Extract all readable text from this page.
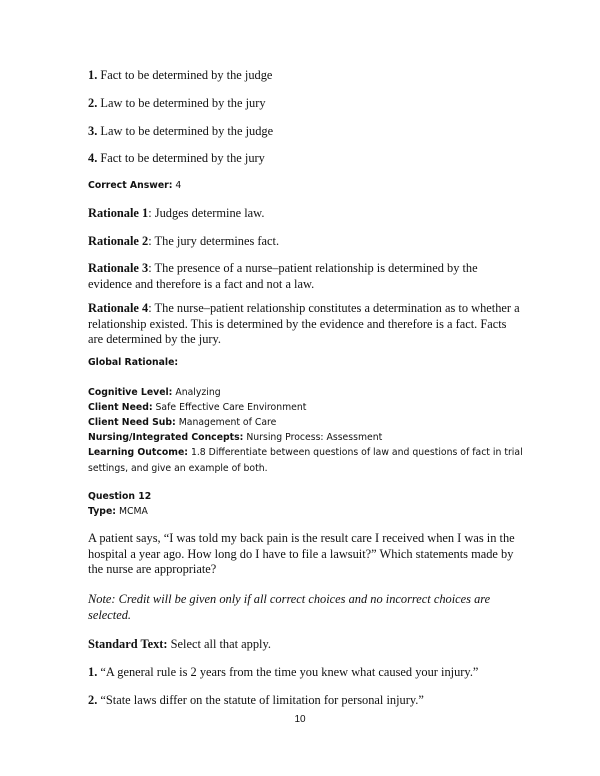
1. Fact to be determined by the judge

2. Law to be determined by the jury

3. Law to be determined by the judge

4. Fact to be determined by the jury

Correct Answer: 4

Rationale 1: Judges determine law.

Rationale 2: The jury determines fact.

Rationale 3: The presence of a nurse–patient relationship is determined by the evidence and therefore is a fact and not a law.

Rationale 4: The nurse–patient relationship constitutes a determination as to whether a relationship existed. This is determined by the evidence and therefore is a fact. Facts are determined by the jury.

Global Rationale:

Cognitive Level: Analyzing

Client Need: Safe Effective Care Environment

Client Need Sub: Management of Care

Nursing/Integrated Concepts: Nursing Process: Assessment

Learning Outcome: 1.8 Differentiate between questions of law and questions of fact in trial settings, and give an example of both.

Question 12

Type: MCMA

A patient says, “I was told my back pain is the result care I received when I was in the hospital a year ago. How long do I have to file a lawsuit?” Which statements made by the nurse are appropriate?

Note: Credit will be given only if all correct choices and no incorrect choices are selected.

Standard Text: Select all that apply.

1. “A general rule is 2 years from the time you knew what caused your injury.”

2. “State laws differ on the statute of limitation for personal injury.”

10
